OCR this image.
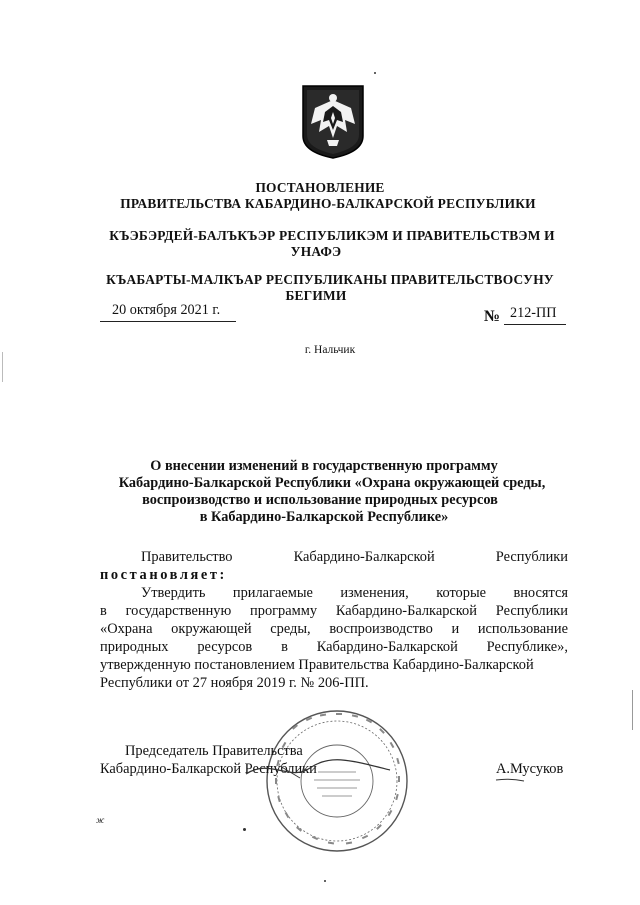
ПОСТАНОВЛЕНИЕ
ПРАВИТЕЛЬСТВА КАБАРДИНО-БАЛКАРСКОЙ РЕСПУБЛИКИ
КЪЭБЭРДЕЙ-БАЛЪКЪЭР РЕСПУБЛИКЭМ И ПРАВИТЕЛЬСТВЭМ И
УНАФЭ
КЪАБАРТЫ-МАЛКЪАР РЕСПУБЛИКАНЫ ПРАВИТЕЛЬСТВОСУНУ
БЕГИМИ
20 октября 2021 г.	№ 212-ПП
г. Нальчик
О внесении изменений в государственную программу
Кабардино-Балкарской Республики «Охрана окружающей среды,
воспроизводство и использование природных ресурсов
в Кабардино-Балкарской Республике»
Правительство	Кабардино-Балкарской	Республики
постановляет:
Утвердить прилагаемые изменения, которые вносятся
в государственную программу Кабардино-Балкарской Республики
«Охрана окружающей среды, воспроизводство и использование
природных ресурсов в Кабардино-Балкарской Республике»,
утвержденную постановлением Правительства Кабардино-Балкарской
Республики от 27 ноября 2019 г. № 206-ПП.
Председатель Правительства
Кабардино-Балкарской Республики	А.Мусуков
ж
